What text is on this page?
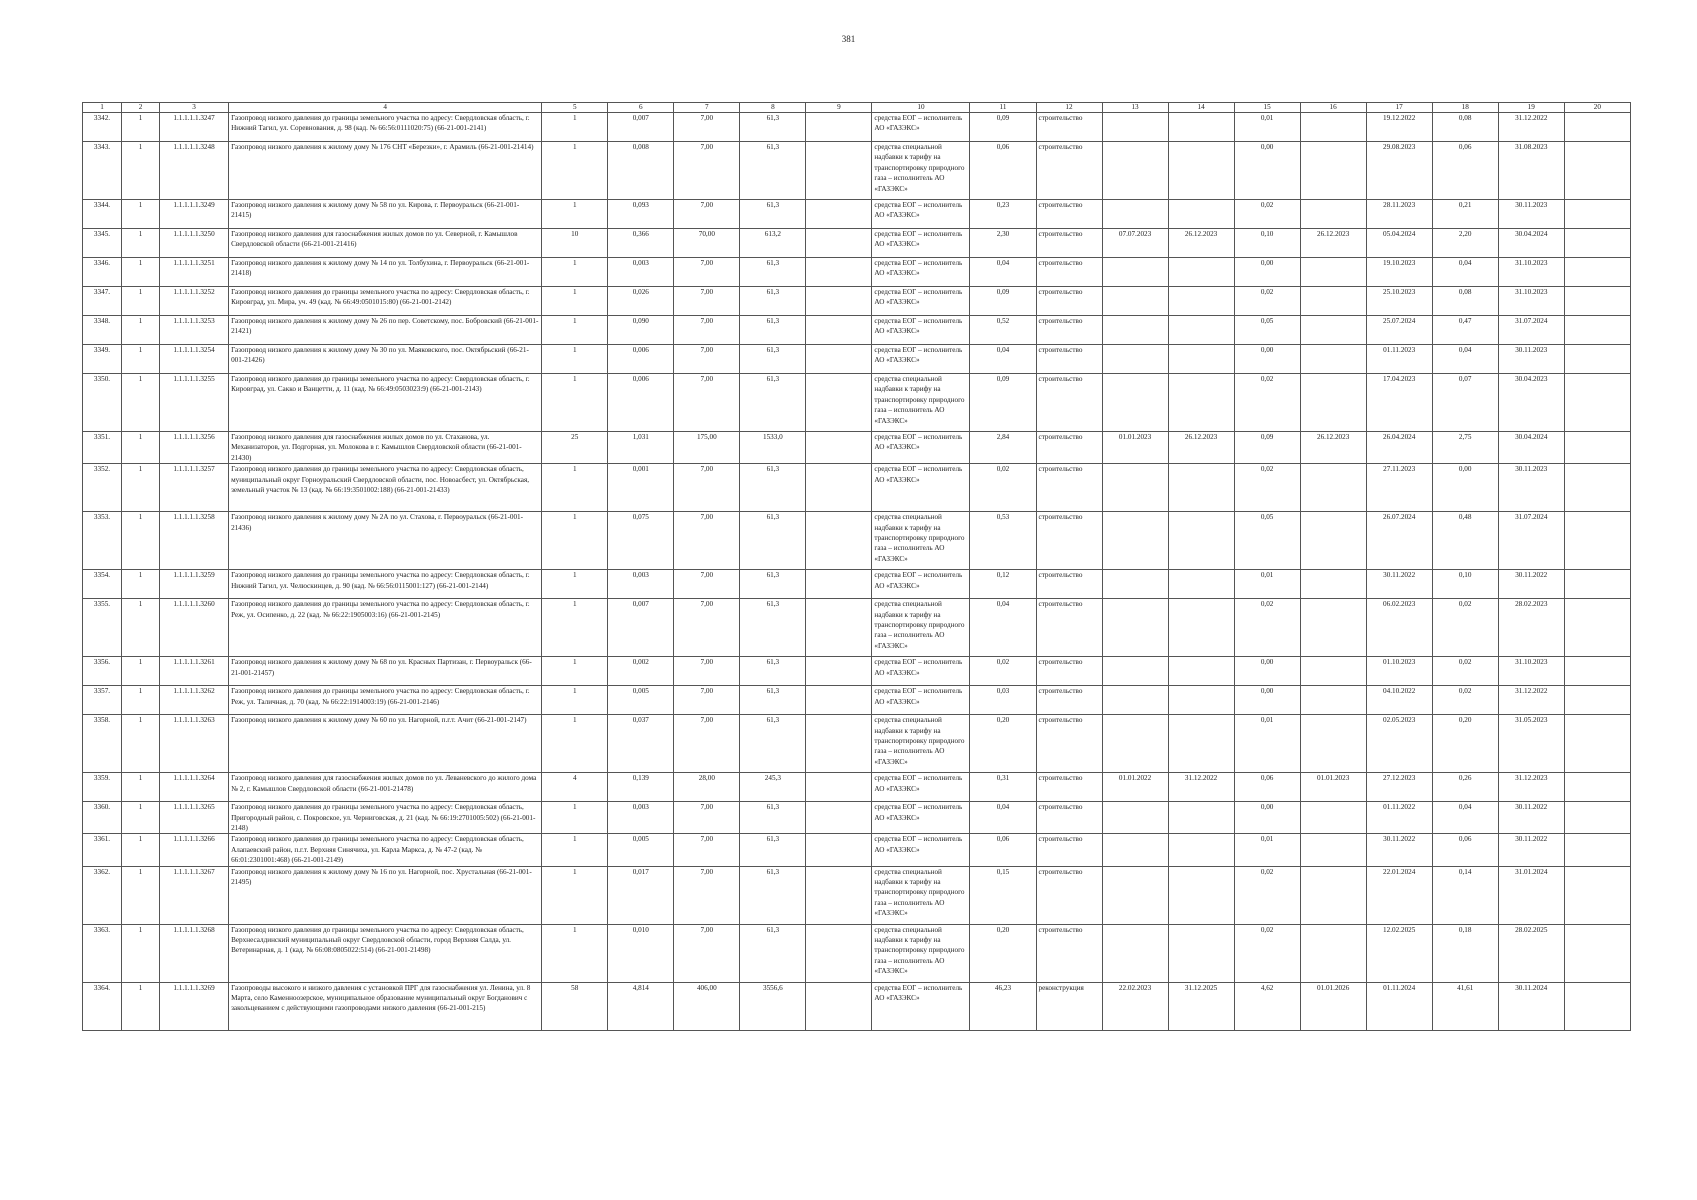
381
1	2	3	4	5	6	7	8	9	10	11	12	13	14	15	16	17	18	19	20
3342.	1	1.1.1.1.1.3247	Газопровод низкого давления до границы земельного участка по адресу: Свердловская область, г. Нижний Тагил, ул. Соревнования, д. 98 (кад. № 66:56:0111020:75) (66-21-001-2141)	1	0,007	7,00	61,3		средства ЕОГ – исполнитель АО «ГАЗЭКС»	0,09	строительство			0,01		19.12.2022	0,08	31.12.2022	
3343.	1	1.1.1.1.1.3248	Газопровод низкого давления к жилому дому № 176 СНТ «Березки», г. Арамиль (66-21-001-21414)	1	0,008	7,00	61,3		средства специальной надбавки к тарифу на транспортировку природного газа – исполнитель АО «ГАЗЭКС»	0,06	строительство			0,00		29.08.2023	0,06	31.08.2023	
3344.	1	1.1.1.1.1.3249	Газопровод низкого давления к жилому дому № 58 по ул. Кирова, г. Первоуральск (66-21-001-21415)	1	0,093	7,00	61,3		средства ЕОГ – исполнитель АО «ГАЗЭКС»	0,23	строительство			0,02		28.11.2023	0,21	30.11.2023	
3345.	1	1.1.1.1.1.3250	Газопровод низкого давления для газоснабжения жилых домов по ул. Северной, г. Камышлов Свердловской области (66-21-001-21416)	10	0,366	70,00	613,2		средства ЕОГ – исполнитель АО «ГАЗЭКС»	2,30	строительство	07.07.2023	26.12.2023	0,10	26.12.2023	05.04.2024	2,20	30.04.2024	
3346.	1	1.1.1.1.1.3251	Газопровод низкого давления к жилому дому № 14 по ул. Толбухина, г. Первоуральск (66-21-001-21418)	1	0,003	7,00	61,3		средства ЕОГ – исполнитель АО «ГАЗЭКС»	0,04	строительство			0,00		19.10.2023	0,04	31.10.2023	
3347.	1	1.1.1.1.1.3252	Газопровод низкого давления до границы земельного участка по адресу: Свердловская область, г. Кировград, ул. Мира, уч. 49 (кад. № 66:49:0501015:80) (66-21-001-2142)	1	0,026	7,00	61,3		средства ЕОГ – исполнитель АО «ГАЗЭКС»	0,09	строительство			0,02		25.10.2023	0,08	31.10.2023	
3348.	1	1.1.1.1.1.3253	Газопровод низкого давления к жилому дому № 26 по пер. Советскому, пос. Бобровский (66-21-001-21421)	1	0,090	7,00	61,3		средства ЕОГ – исполнитель АО «ГАЗЭКС»	0,52	строительство			0,05		25.07.2024	0,47	31.07.2024	
3349.	1	1.1.1.1.1.3254	Газопровод низкого давления к жилому дому № 30 по ул. Маяковского, пос. Октябрьский (66-21-001-21426)	1	0,006	7,00	61,3		средства ЕОГ – исполнитель АО «ГАЗЭКС»	0,04	строительство			0,00		01.11.2023	0,04	30.11.2023	
3350.	1	1.1.1.1.1.3255	Газопровод низкого давления до границы земельного участка по адресу: Свердловская область, г. Кировград, ул. Сакко и Ванцетти, д. 11 (кад. № 66:49:0503023:9) (66-21-001-2143)	1	0,006	7,00	61,3		средства специальной надбавки к тарифу на транспортировку природного газа – исполнитель АО «ГАЗЭКС»	0,09	строительство			0,02		17.04.2023	0,07	30.04.2023	
3351.	1	1.1.1.1.1.3256	Газопровод низкого давления для газоснабжения жилых домов по ул. Стаханова, ул. Механизаторов, ул. Подгорная, ул. Молокова в г. Камышлов Свердловской области (66-21-001-21430)	25	1,031	175,00	1533,0		средства ЕОГ – исполнитель АО «ГАЗЭКС»	2,84	строительство	01.01.2023	26.12.2023	0,09	26.12.2023	26.04.2024	2,75	30.04.2024	
3352.	1	1.1.1.1.1.3257	Газопровод низкого давления до границы земельного участка по адресу: Свердловская область, муниципальный округ Горноуральский Свердловской области, пос. Новоасбест, ул. Октябрьская, земельный участок № 13 (кад. № 66:19:3501002:188) (66-21-001-21433)	1	0,001	7,00	61,3		средства ЕОГ – исполнитель АО «ГАЗЭКС»	0,02	строительство			0,02		27.11.2023	0,00	30.11.2023	
3353.	1	1.1.1.1.1.3258	Газопровод низкого давления к жилому дому № 2А по ул. Стахова, г. Первоуральск (66-21-001-21436)	1	0,075	7,00	61,3		средства специальной надбавки к тарифу на транспортировку природного газа – исполнитель АО «ГАЗЭКС»	0,53	строительство			0,05		26.07.2024	0,48	31.07.2024	
3354.	1	1.1.1.1.1.3259	Газопровод низкого давления до границы земельного участка по адресу: Свердловская область, г. Нижний Тагил, ул. Челюскинцев, д. 90 (кад. № 66:56:0115001:127) (66-21-001-2144)	1	0,003	7,00	61,3		средства ЕОГ – исполнитель АО «ГАЗЭКС»	0,12	строительство			0,01		30.11.2022	0,10	30.11.2022	
3355.	1	1.1.1.1.1.3260	Газопровод низкого давления до границы земельного участка по адресу: Свердловская область, г. Реж, ул. Осипенко, д. 22 (кад. № 66:22:1905003:16) (66-21-001-2145)	1	0,007	7,00	61,3		средства специальной надбавки к тарифу на транспортировку природного газа – исполнитель АО «ГАЗЭКС»	0,04	строительство			0,02		06.02.2023	0,02	28.02.2023	
3356.	1	1.1.1.1.1.3261	Газопровод низкого давления к жилому дому № 68 по ул. Красных Партизан, г. Первоуральск (66-21-001-21457)	1	0,002	7,00	61,3		средства ЕОГ – исполнитель АО «ГАЗЭКС»	0,02	строительство			0,00		01.10.2023	0,02	31.10.2023	
3357.	1	1.1.1.1.1.3262	Газопровод низкого давления до границы земельного участка по адресу: Свердловская область, г. Реж, ул. Таличная, д. 70 (кад. № 66:22:1914003:19) (66-21-001-2146)	1	0,005	7,00	61,3		средства ЕОГ – исполнитель АО «ГАЗЭКС»	0,03	строительство			0,00		04.10.2022	0,02	31.12.2022	
3358.	1	1.1.1.1.1.3263	Газопровод низкого давления к жилому дому № 60 по ул. Нагорной, п.г.т. Ачит (66-21-001-2147)	1	0,037	7,00	61,3		средства специальной надбавки к тарифу на транспортировку природного газа – исполнитель АО «ГАЗЭКС»	0,20	строительство			0,01		02.05.2023	0,20	31.05.2023	
3359.	1	1.1.1.1.1.3264	Газопровод низкого давления для газоснабжения жилых домов по ул. Леваневского до жилого дома № 2, г. Камышлов Свердловской области (66-21-001-21478)	4	0,139	28,00	245,3		средства ЕОГ – исполнитель АО «ГАЗЭКС»	0,31	строительство	01.01.2022	31.12.2022	0,06	01.01.2023	27.12.2023	0,26	31.12.2023	
3360.	1	1.1.1.1.1.3265	Газопровод низкого давления до границы земельного участка по адресу: Свердловская область, Пригородный район, с. Покровское, ул. Черниговская, д. 21 (кад. № 66:19:2701005:502) (66-21-001-2148)	1	0,003	7,00	61,3		средства ЕОГ – исполнитель АО «ГАЗЭКС»	0,04	строительство			0,00		01.11.2022	0,04	30.11.2022	
3361.	1	1.1.1.1.1.3266	Газопровод низкого давления до границы земельного участка по адресу: Свердловская область, Алапаевский район, п.г.т. Верхняя Синячиха, ул. Карла Маркса, д. № 47-2 (кад. № 66:01:2301001:468) (66-21-001-2149)	1	0,005	7,00	61,3		средства ЕОГ – исполнитель АО «ГАЗЭКС»	0,06	строительство			0,01		30.11.2022	0,06	30.11.2022	
3362.	1	1.1.1.1.1.3267	Газопровод низкого давления к жилому дому № 16 по ул. Нагорной, пос. Хрустальная (66-21-001-21495)	1	0,017	7,00	61,3		средства специальной надбавки к тарифу на транспортировку природного газа – исполнитель АО «ГАЗЭКС»	0,15	строительство			0,02		22.01.2024	0,14	31.01.2024	
3363.	1	1.1.1.1.1.3268	Газопровод низкого давления до границы земельного участка по адресу: Свердловская область, Верхнесалдинский муниципальный округ Свердловской области, город Верхняя Салда, ул. Ветеринарная, д. 1 (кад. № 66:08:0805022:514) (66-21-001-21498)	1	0,010	7,00	61,3		средства специальной надбавки к тарифу на транспортировку природного газа – исполнитель АО «ГАЗЭКС»	0,20	строительство			0,02		12.02.2025	0,18	28.02.2025	
3364.	1	1.1.1.1.1.3269	Газопроводы высокого и низкого давления с установкой ПРГ для газоснабжения ул. Ленина, ул. 8 Марта, село Каменноозерское, муниципальное образование муниципальный округ Богданович с закольцеванием с действующими газопроводами низкого давления (66-21-001-215)	58	4,814	406,00	3556,6		средства ЕОГ – исполнитель АО «ГАЗЭКС»	46,23	реконструкция	22.02.2023	31.12.2025	4,62	01.01.2026	01.11.2024	41,61	30.11.2024	
